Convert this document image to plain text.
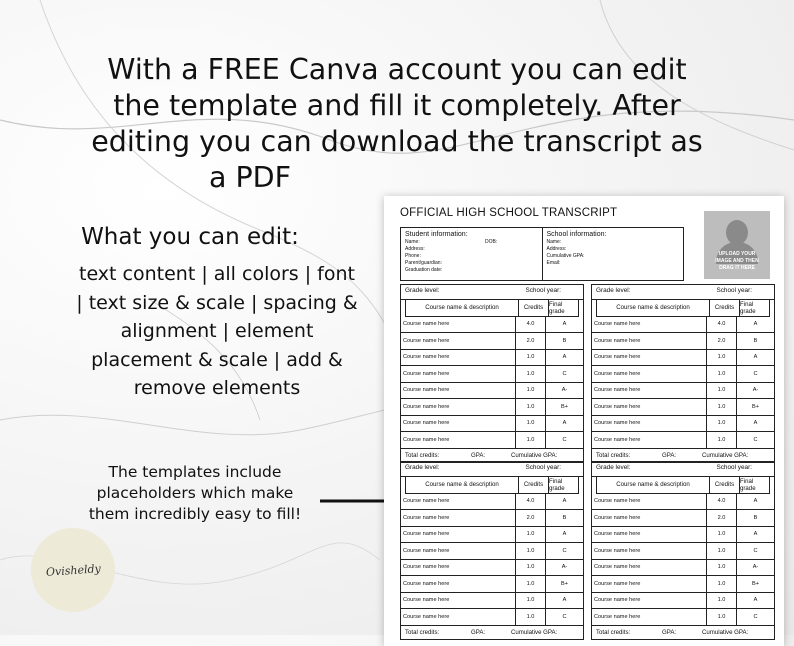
With a FREE Canva account you can edit
the template and fill it completely. After
editing you can download the transcript as
a PDF
What you can edit:
text content | all colors | font
| text size & scale | spacing &
alignment | element
placement & scale | add &
remove elements
The templates include
placeholders which make
them incredibly easy to fill!
Ovisheldy
OFFICIAL HIGH SCHOOL TRANSCRIPT
Student information:
Name:	DOB:
Address:
Phone:
Parent/guardian:
Graduation date:
School information:
Name:
Address:
Cumulative GPA:
Email:
UPLOAD YOUR
IMAGE AND THEN
DRAG IT HERE
Grade level:	School year:
Course name & description	Credits Final grade
Course name here	4.0	A
Course name here	2.0	B
Course name here	1.0	A
Course name here	1.0	C
Course name here	1.0	A-
Course name here	1.0	B+
Course name here	1.0	A
Course name here	1.0	C
Total credits:	GPA:	Cumulative GPA:
Grade level:	School year:
Course name & description	Credits Final grade
Course name here	4.0	A
Course name here	2.0	B
Course name here	1.0	A
Course name here	1.0	C
Course name here	1.0	A-
Course name here	1.0	B+
Course name here	1.0	A
Course name here	1.0	C
Total credits:	GPA:	Cumulative GPA:
Grade level:	School year:
Course name & description	Credits Final grade
Course name here	4.0	A
Course name here	2.0	B
Course name here	1.0	A
Course name here	1.0	C
Course name here	1.0	A-
Course name here	1.0	B+
Course name here	1.0	A
Course name here	1.0	C
Total credits:	GPA:	Cumulative GPA:
Grade level:	School year:
Course name & description	Credits Final grade
Course name here	4.0	A
Course name here	2.0	B
Course name here	1.0	A
Course name here	1.0	C
Course name here	1.0	A-
Course name here	1.0	B+
Course name here	1.0	A
Course name here	1.0	C
Total credits:	GPA:	Cumulative GPA:
